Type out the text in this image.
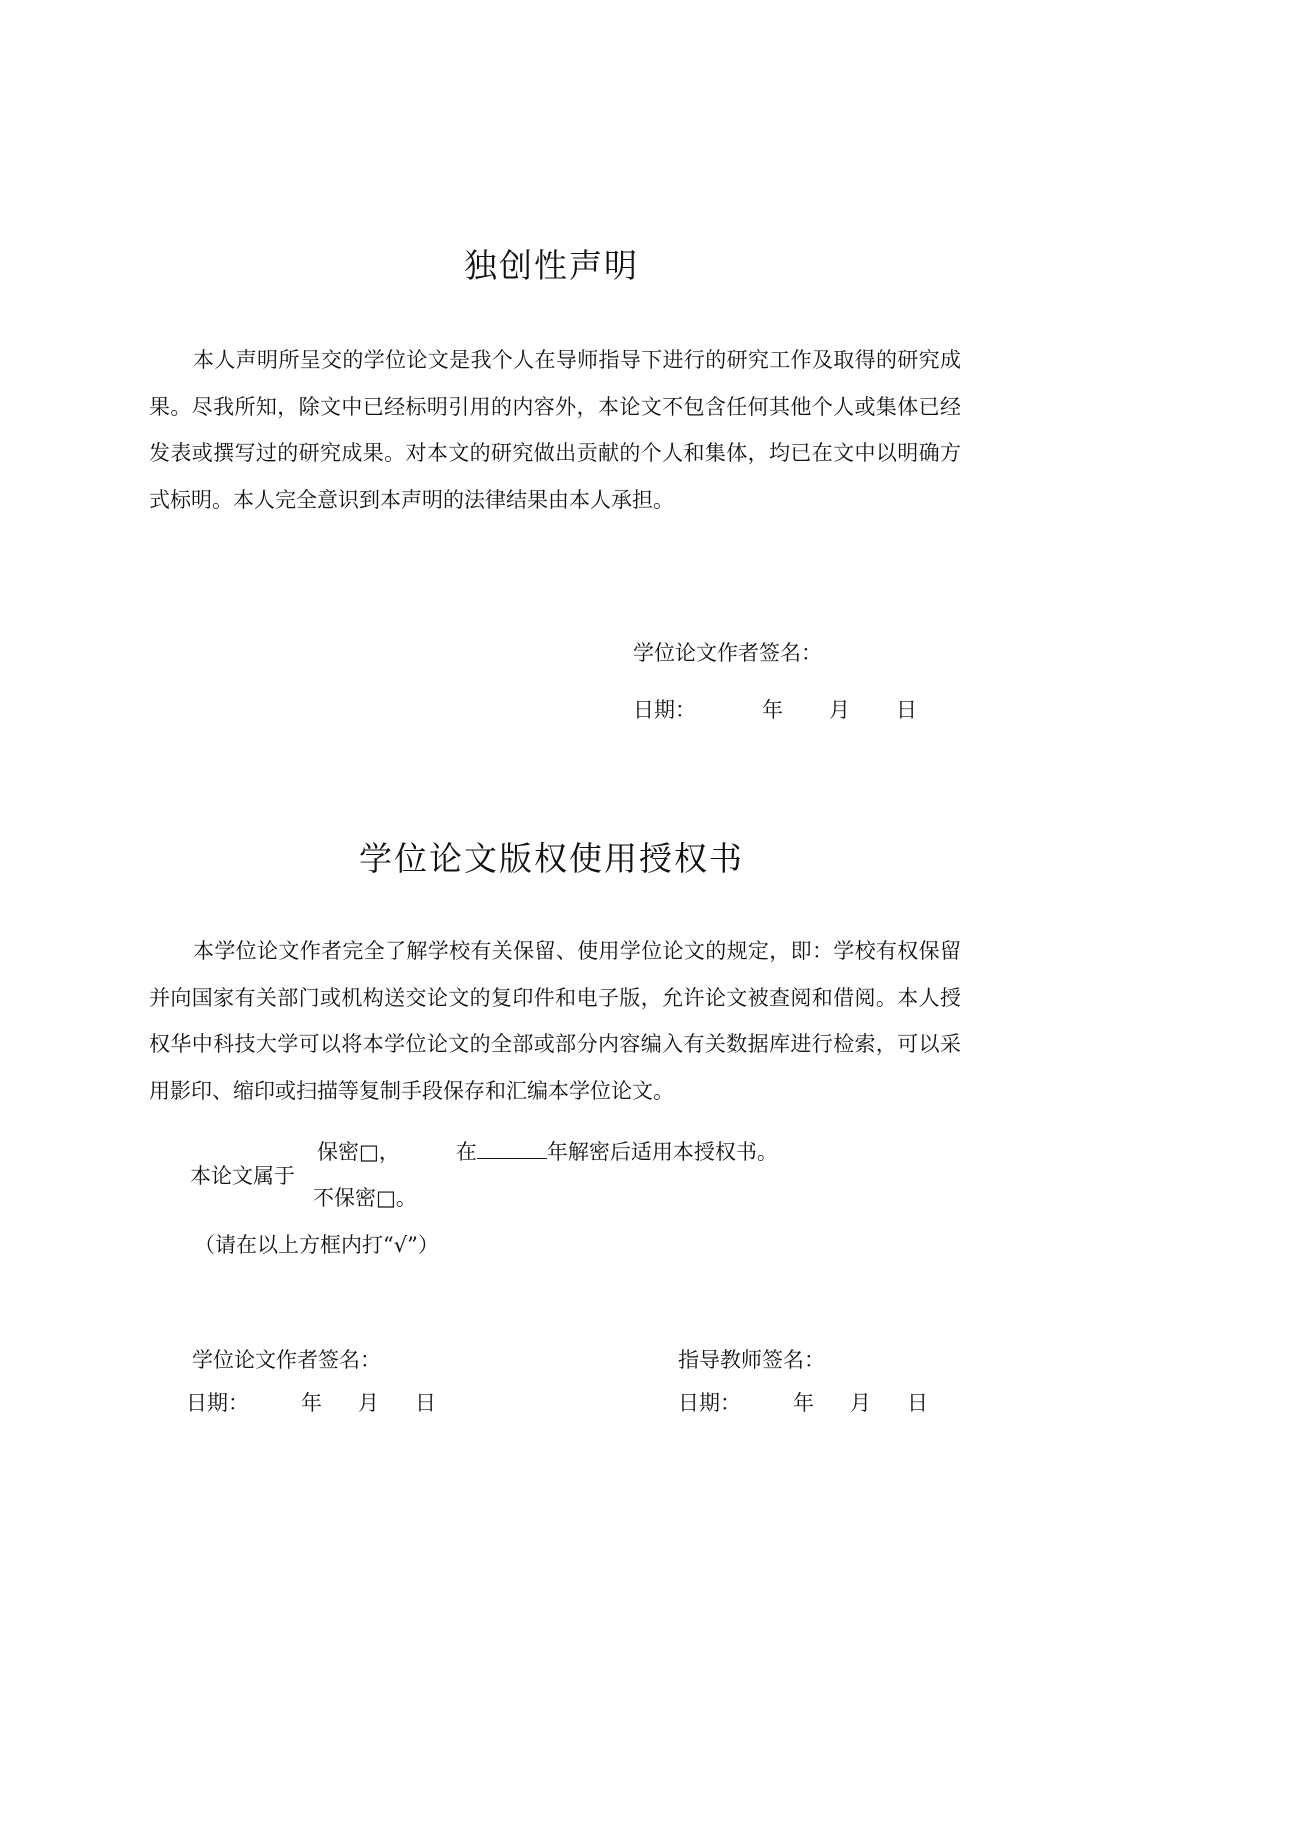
独创性声明

本人声明所呈交的学位论文是我个人在导师指导下进行的研究工作及取得的研究成果。尽我所知，除文中已经标明引用的内容外，本论文不包含任何其他个人或集体已经发表或撰写过的研究成果。对本文的研究做出贡献的个人和集体，均已在文中以明确方式标明。本人完全意识到本声明的法律结果由本人承担。

学位论文作者签名：
日期：	年 月 日
学位论文版权使用授权书

本学位论文作者完全了解学校有关保留、使用学位论文的规定，即：学校有权保留并向国家有关部门或机构送交论文的复印件和电子版，允许论文被查阅和借阅。本人授权华中科技大学可以将本学位论文的全部或部分内容编入有关数据库进行检索，可以采用影印、缩印或扫描等复制手段保存和汇编本学位论文。

保密□，	在	年解密后适用本授权书。
本论文属于
不保密□。
（请在以上方框内打“√”）
学位论文作者签名：	指导教师签名：
日期： 年 月 日	日期： 年 月 日
